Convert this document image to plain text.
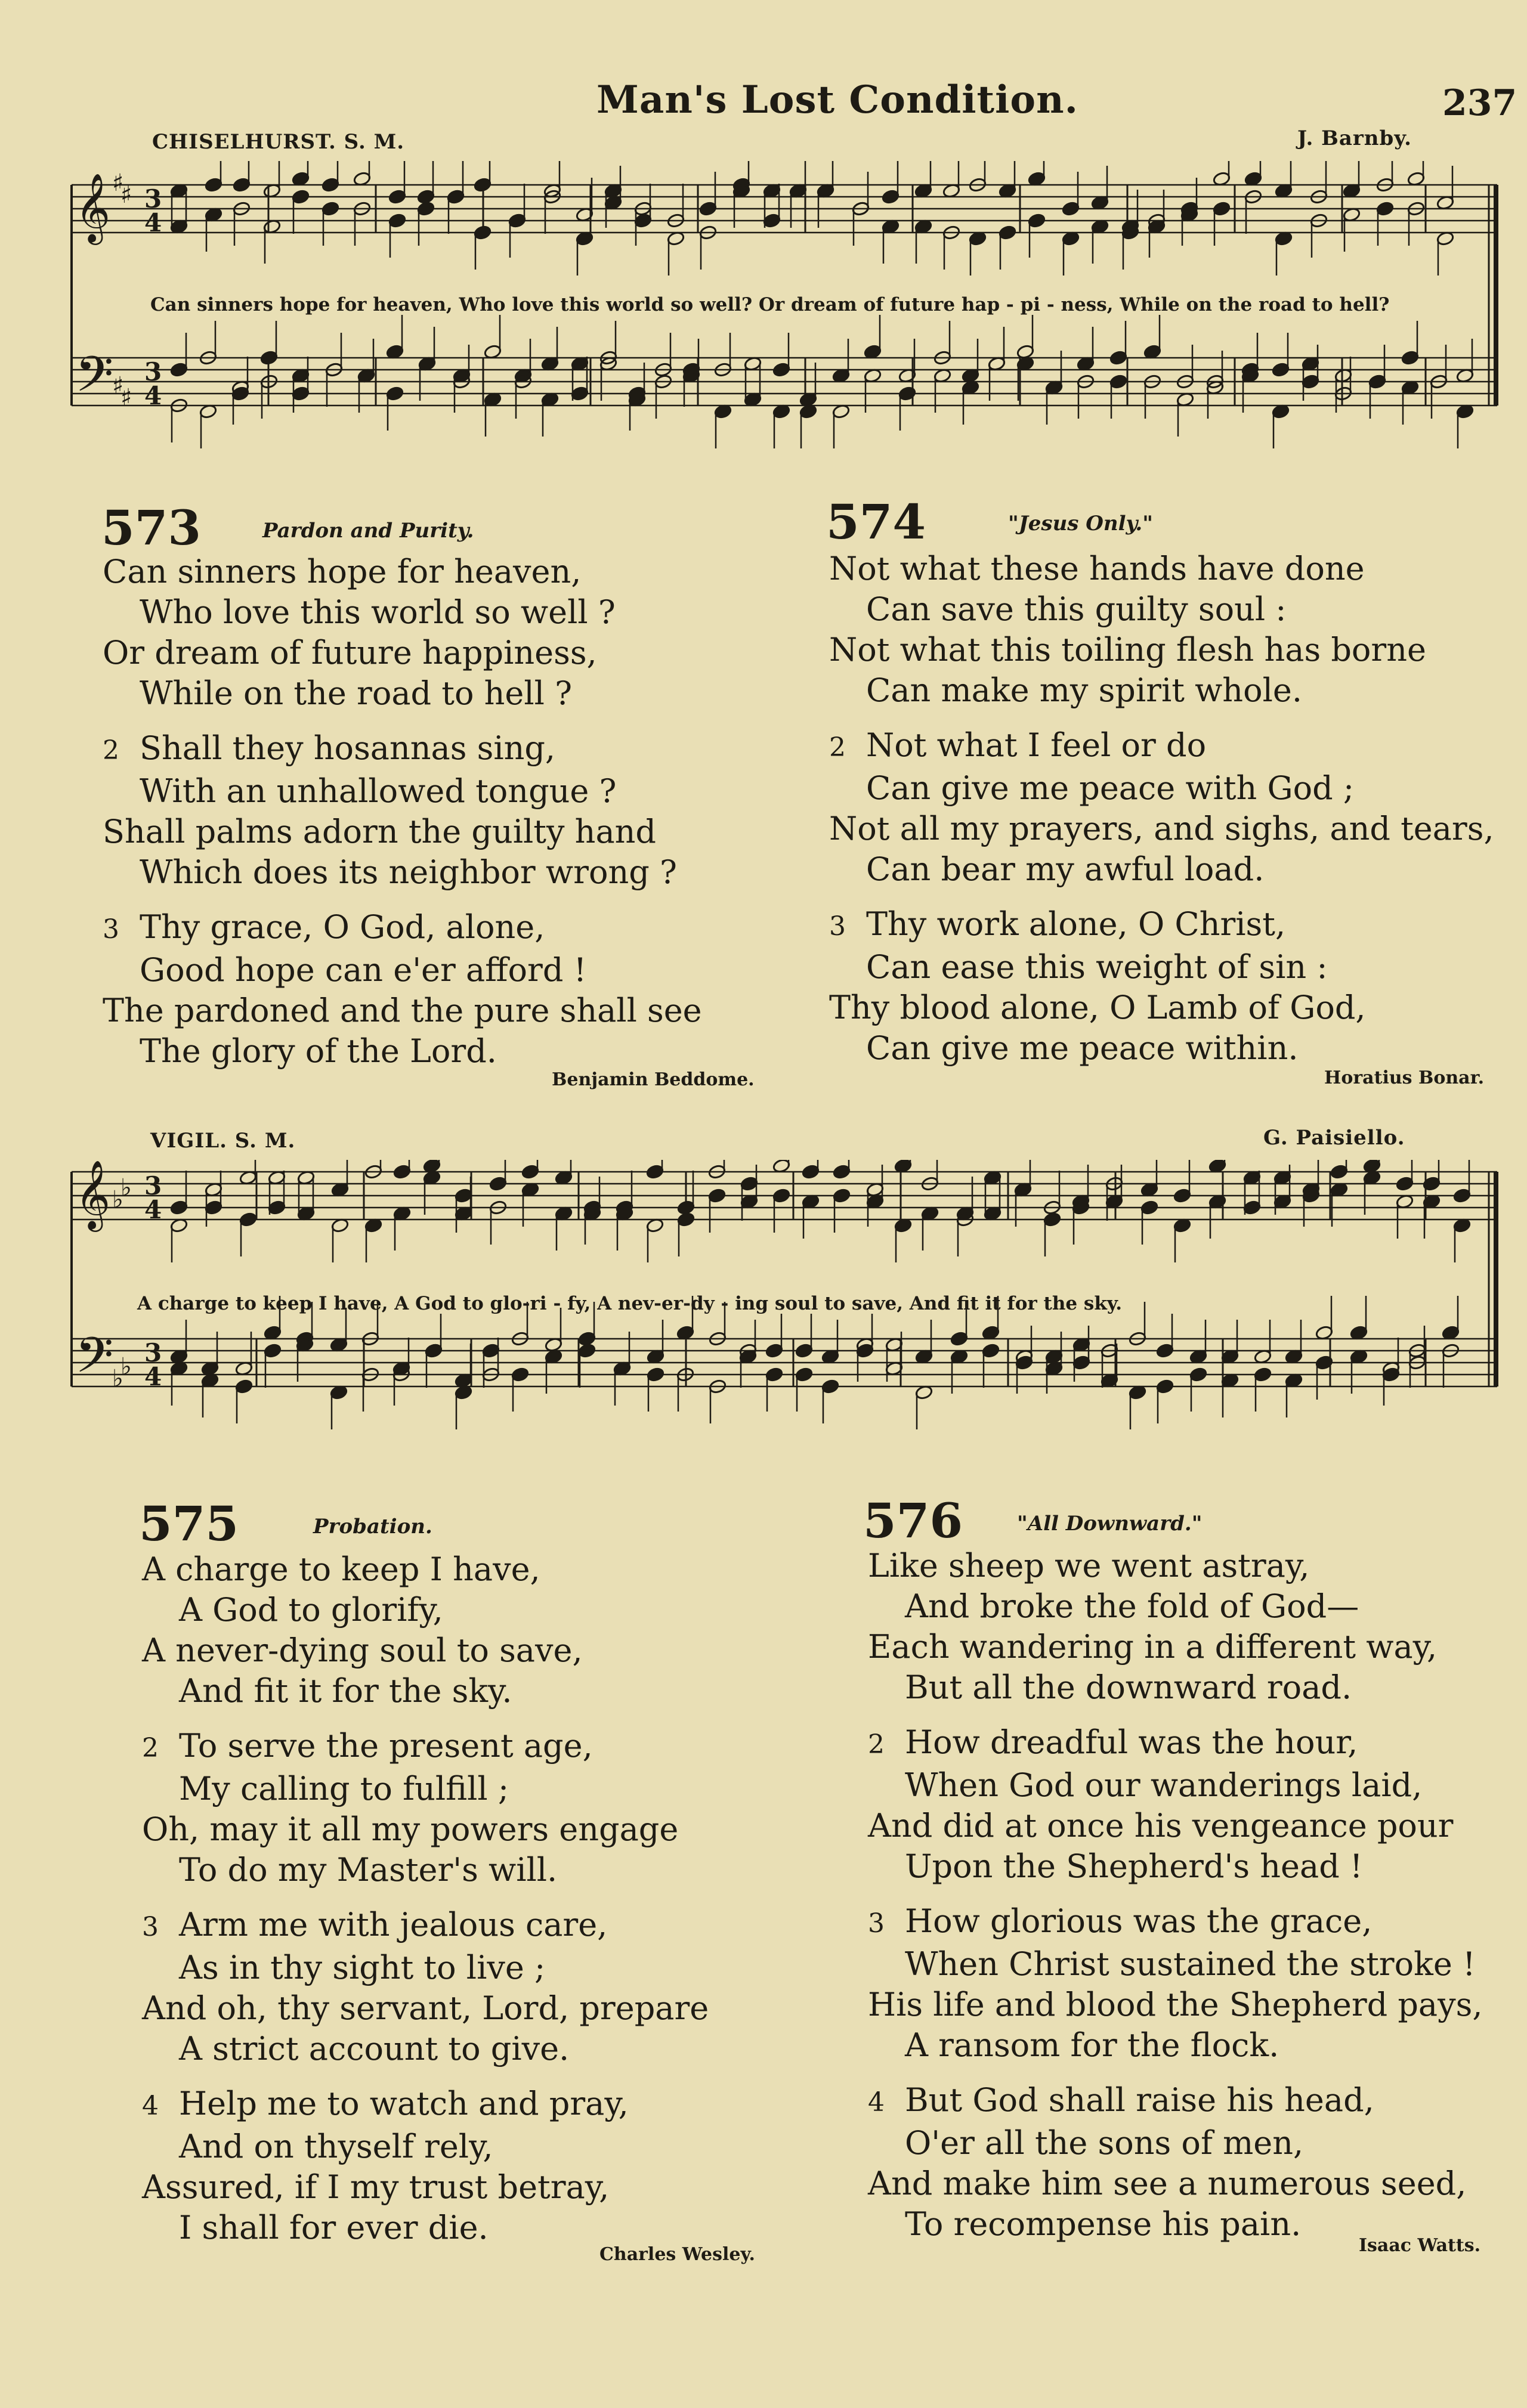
Man's Lost Condition.	237
CHISELHURST. S. M.	J. Barnby.
𝄞 ♯
♯ 3
4
𝄢
♯
♯
3
4
Can sinners hope for heaven, Who love this world so well? Or dream of future hap - pi - ness, While on the road to hell?
573	Pardon and Purity.
Can sinners hope for heaven,
Who love this world so well ?
Or dream of future happiness,
While on the road to hell ?
2 Shall they hosannas sing,
With an unhallowed tongue ?
Shall palms adorn the guilty hand
Which does its neighbor wrong ?
3 Thy grace, O God, alone,
Good hope can e'er afford !
The pardoned and the pure shall see
The glory of the Lord.
Benjamin Beddome.
574	"Jesus Only."
Not what these hands have done
Can save this guilty soul :
Not what this toiling flesh has borne
Can make my spirit whole.
2 Not what I feel or do
Can give me peace with God ;
Not all my prayers, and sighs, and tears,
Can bear my awful load.
3 Thy work alone, O Christ,
Can ease this weight of sin :
Thy blood alone, O Lamb of God,
Can give me peace within.
Horatius Bonar.
VIGIL. S. M.	G. Paisiello.
𝄞 ♭
♭ 3
4
𝄢
♭
♭ 3
4
A charge to keep I have, A God to glo-ri - fy, A nev-er-dy - ing soul to save, And fit it for the sky.
575	Probation.
A charge to keep I have,
A God to glorify,
A never-dying soul to save,
And fit it for the sky.
2 To serve the present age,
My calling to fulfill ;
Oh, may it all my powers engage
To do my Master's will.
3 Arm me with jealous care,
As in thy sight to live ;
And oh, thy servant, Lord, prepare
A strict account to give.
4 Help me to watch and pray,
And on thyself rely,
Assured, if I my trust betray,
I shall for ever die.
Charles Wesley.
576	"All Downward."
Like sheep we went astray,
And broke the fold of God—
Each wandering in a different way,
But all the downward road.
2 How dreadful was the hour,
When God our wanderings laid,
And did at once his vengeance pour
Upon the Shepherd's head !
3 How glorious was the grace,
When Christ sustained the stroke !
His life and blood the Shepherd pays,
A ransom for the flock.
4 But God shall raise his head,
O'er all the sons of men,
And make him see a numerous seed,
To recompense his pain.
Isaac Watts.
